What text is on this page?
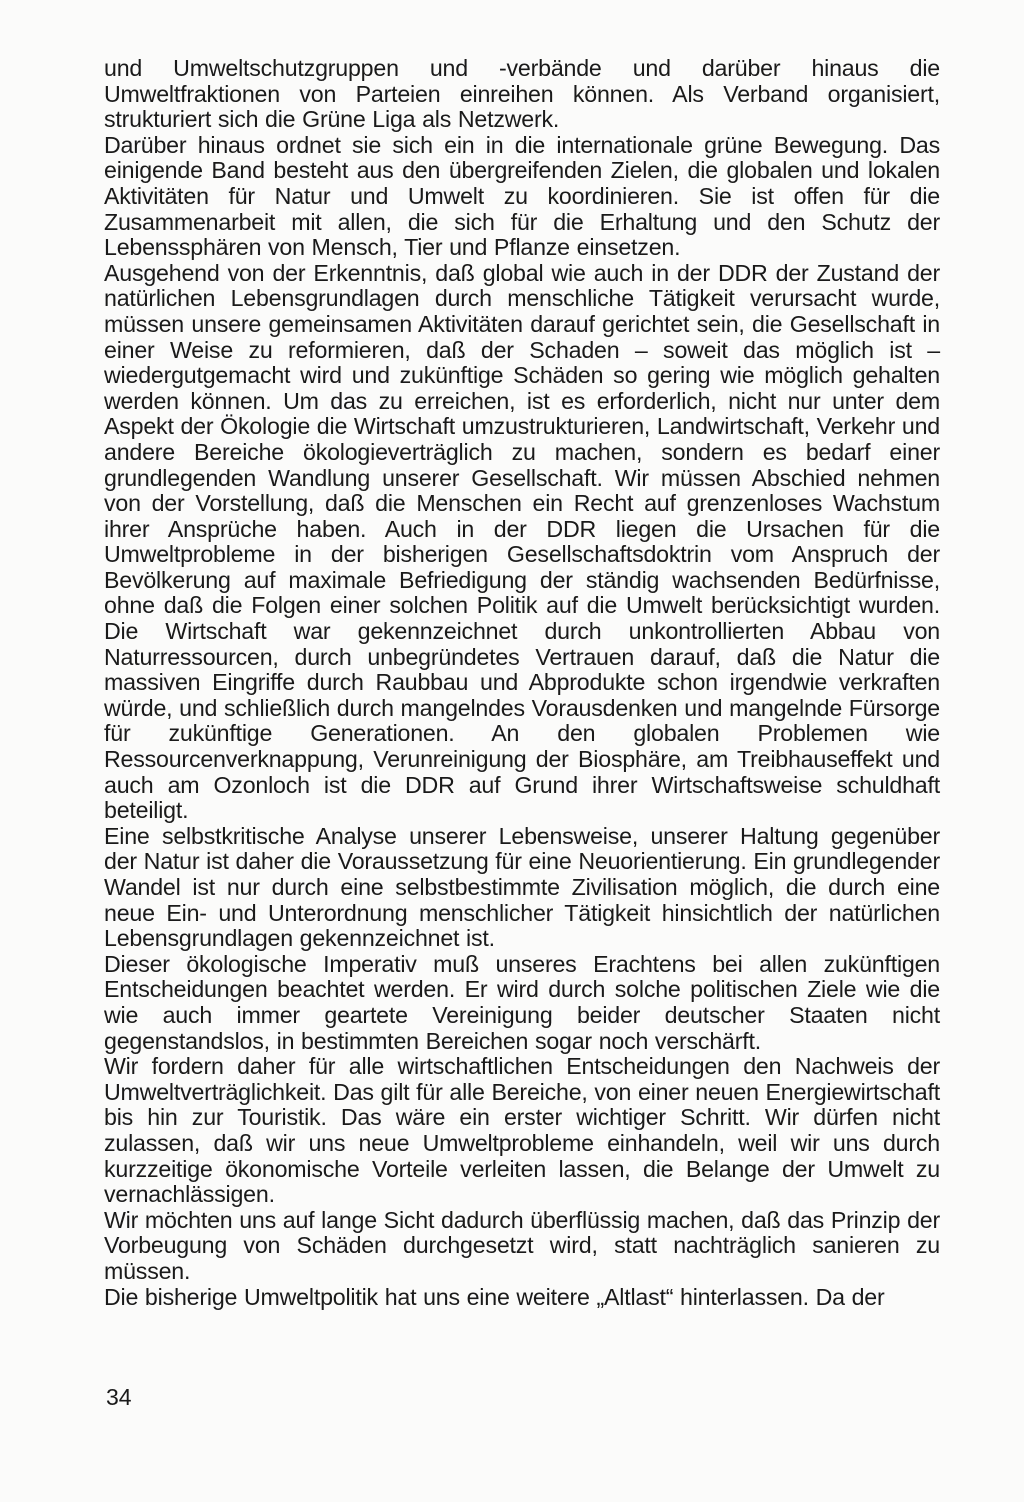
und Umweltschutzgruppen und -verbände und darüber hinaus die Umweltfraktionen von Parteien einreihen können. Als Verband organisiert, strukturiert sich die Grüne Liga als Netzwerk.

Darüber hinaus ordnet sie sich ein in die internationale grüne Bewegung. Das einigende Band besteht aus den übergreifenden Zielen, die globalen und lokalen Aktivitäten für Natur und Umwelt zu koordinieren. Sie ist offen für die Zusammenarbeit mit allen, die sich für die Erhaltung und den Schutz der Lebenssphären von Mensch, Tier und Pflanze einsetzen.

Ausgehend von der Erkenntnis, daß global wie auch in der DDR der Zustand der natürlichen Lebensgrundlagen durch menschliche Tätigkeit verursacht wurde, müssen unsere gemeinsamen Aktivitäten darauf gerichtet sein, die Gesellschaft in einer Weise zu reformieren, daß der Schaden – soweit das möglich ist – wiedergutgemacht wird und zukünftige Schäden so gering wie möglich gehalten werden können. Um das zu erreichen, ist es erforderlich, nicht nur unter dem Aspekt der Ökologie die Wirtschaft umzustrukturieren, Landwirtschaft, Verkehr und andere Bereiche ökologieverträglich zu machen, sondern es bedarf einer grundlegenden Wandlung unserer Gesellschaft. Wir müssen Abschied nehmen von der Vorstellung, daß die Menschen ein Recht auf grenzenloses Wachstum ihrer Ansprüche haben. Auch in der DDR liegen die Ursachen für die Umweltprobleme in der bisherigen Gesellschaftsdoktrin vom Anspruch der Bevölkerung auf maximale Befriedigung der ständig wachsenden Bedürfnisse, ohne daß die Folgen einer solchen Politik auf die Umwelt berücksichtigt wurden. Die Wirtschaft war gekennzeichnet durch unkontrollierten Abbau von Naturressourcen, durch unbegründetes Vertrauen darauf, daß die Natur die massiven Eingriffe durch Raubbau und Abprodukte schon irgendwie verkraften würde, und schließlich durch mangelndes Vorausdenken und mangelnde Fürsorge für zukünftige Generationen. An den globalen Problemen wie Ressourcenverknappung, Verunreinigung der Biosphäre, am Treibhauseffekt und auch am Ozonloch ist die DDR auf Grund ihrer Wirtschaftsweise schuldhaft beteiligt.

Eine selbstkritische Analyse unserer Lebensweise, unserer Haltung gegenüber der Natur ist daher die Voraussetzung für eine Neuorientierung. Ein grundlegender Wandel ist nur durch eine selbstbestimmte Zivilisation möglich, die durch eine neue Ein- und Unterordnung menschlicher Tätigkeit hinsichtlich der natürlichen Lebensgrundlagen gekennzeichnet ist.

Dieser ökologische Imperativ muß unseres Erachtens bei allen zukünftigen Entscheidungen beachtet werden. Er wird durch solche politischen Ziele wie die wie auch immer geartete Vereinigung beider deutscher Staaten nicht gegenstandslos, in bestimmten Bereichen sogar noch verschärft.

Wir fordern daher für alle wirtschaftlichen Entscheidungen den Nachweis der Umweltverträglichkeit. Das gilt für alle Bereiche, von einer neuen Energiewirtschaft bis hin zur Touristik. Das wäre ein erster wichtiger Schritt. Wir dürfen nicht zulassen, daß wir uns neue Umweltprobleme einhandeln, weil wir uns durch kurzzeitige ökonomische Vorteile verleiten lassen, die Belange der Umwelt zu vernachlässigen.

Wir möchten uns auf lange Sicht dadurch überflüssig machen, daß das Prinzip der Vorbeugung von Schäden durchgesetzt wird, statt nachträglich sanieren zu müssen.

Die bisherige Umweltpolitik hat uns eine weitere „Altlast“ hinterlassen. Da der

34
